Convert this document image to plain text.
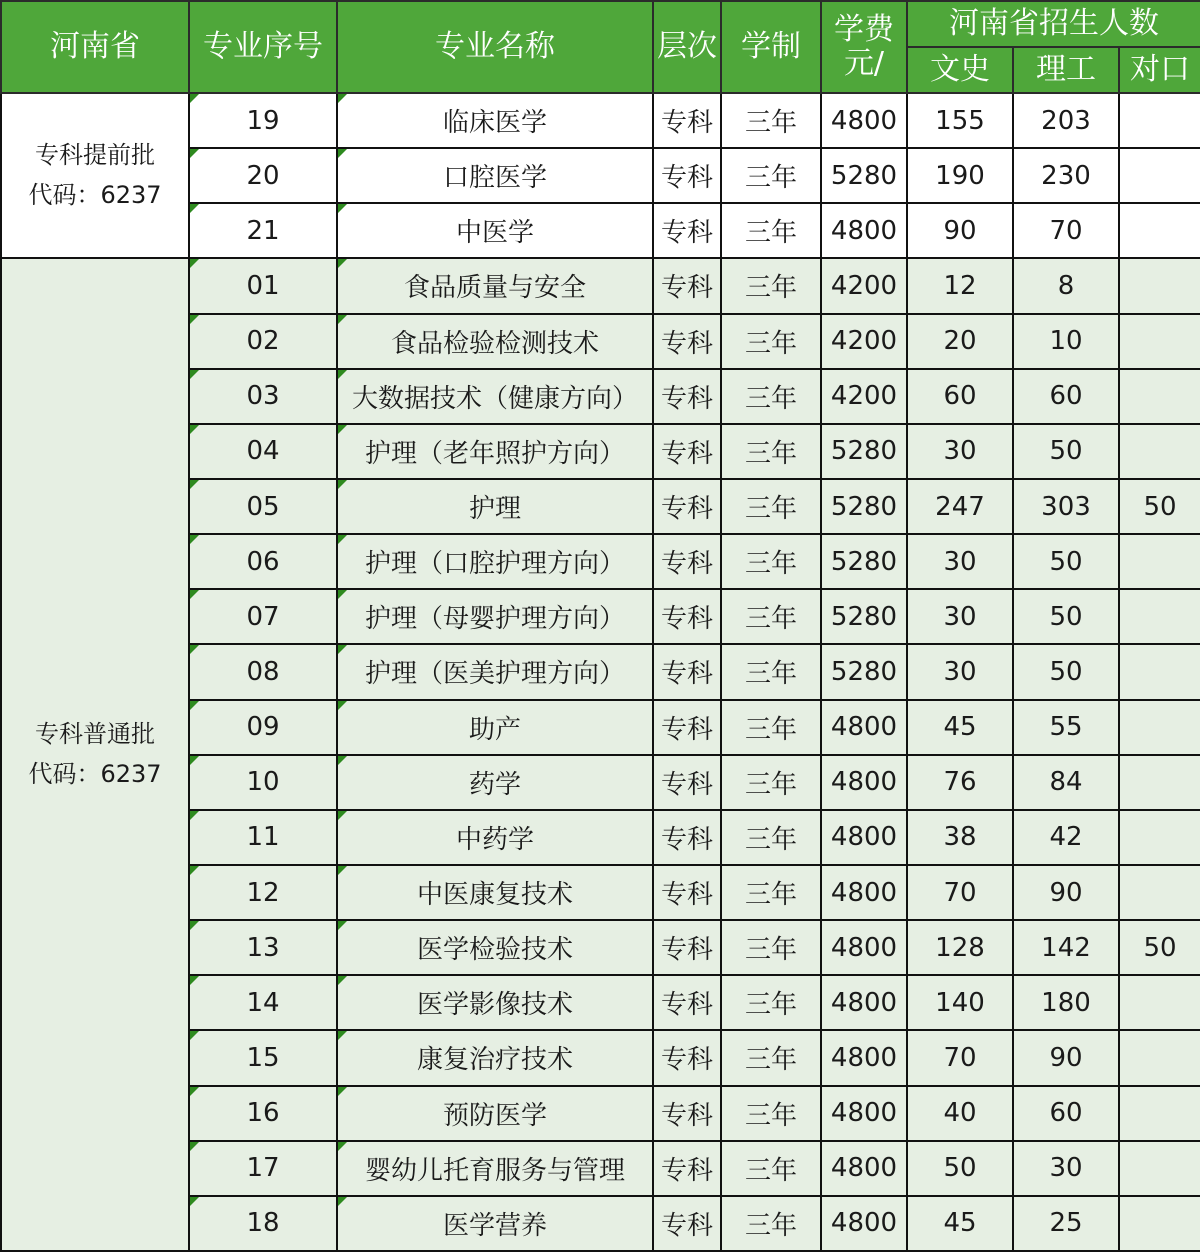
河南省	专业序号	专业名称	层次	学制	学费元/	河南省招生人数		
						文史	理工	对口

专科提前批
代码：6237	19	临床医学	专科	三年	4800	155	203	
	20	口腔医学	专科	三年	5280	190	230	
	21	中医学	专科	三年	4800	90	70	

专科普通批
代码：6237	01	食品质量与安全	专科	三年	4200	12	8	
	02	食品检验检测技术	专科	三年	4200	20	10	
	03	大数据技术（健康方向）	专科	三年	4200	60	60	
	04	护理（老年照护方向）	专科	三年	5280	30	50	
	05	护理	专科	三年	5280	247	303	50
	06	护理（口腔护理方向）	专科	三年	5280	30	50	
	07	护理（母婴护理方向）	专科	三年	5280	30	50	
	08	护理（医美护理方向）	专科	三年	5280	30	50	
	09	助产	专科	三年	4800	45	55	
	10	药学	专科	三年	4800	76	84	
	11	中药学	专科	三年	4800	38	42	
	12	中医康复技术	专科	三年	4800	70	90	
	13	医学检验技术	专科	三年	4800	128	142	50
	14	医学影像技术	专科	三年	4800	140	180	
	15	康复治疗技术	专科	三年	4800	70	90	
	16	预防医学	专科	三年	4800	40	60	
	17	婴幼儿托育服务与管理	专科	三年	4800	50	30	
	18	医学营养	专科	三年	4800	45	25	
